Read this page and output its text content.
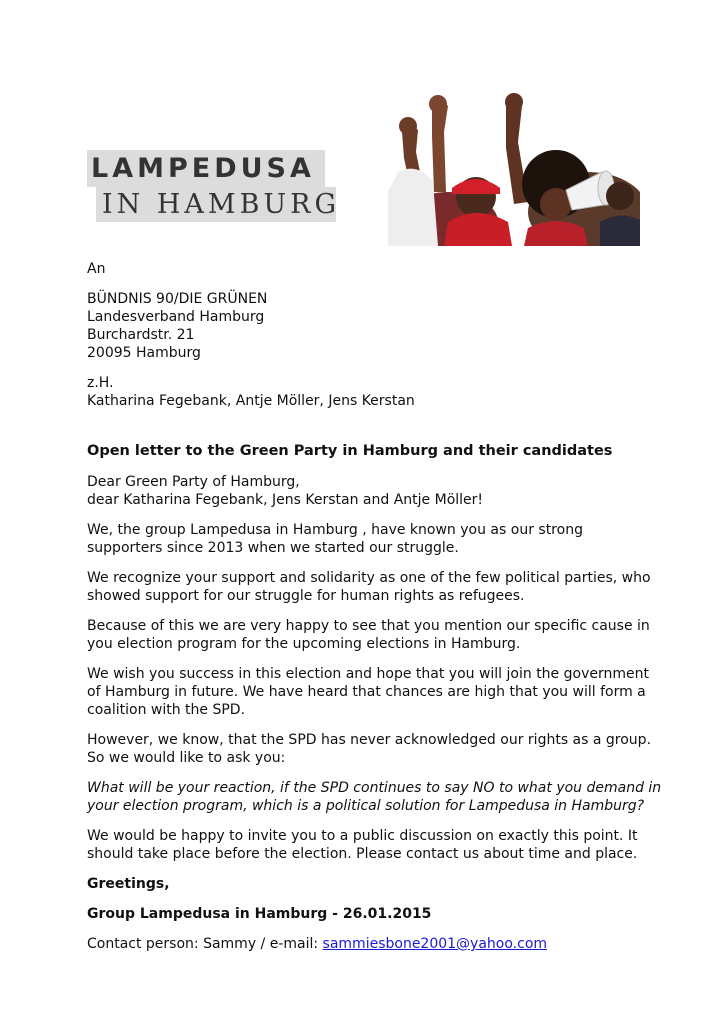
LAMPEDUSA
IN HAMBURG
An
BÜNDNIS 90/DIE GRÜNEN
Landesverband Hamburg
Burchardstr. 21
20095 Hamburg
z.H.
Katharina Fegebank, Antje Möller, Jens Kerstan
Open letter to the Green Party in Hamburg and their candidates
Dear Green Party of Hamburg,
dear Katharina Fegebank, Jens Kerstan and Antje Möller!
We, the group Lampedusa in Hamburg , have known you as our strong
supporters since 2013 when we started our struggle.
We recognize your support and solidarity as one of the few political parties, who
showed support for our struggle for human rights as refugees.
Because of this we are very happy to see that you mention our specific cause in
you election program for the upcoming elections in Hamburg.
We wish you success in this election and hope that you will join the government
of Hamburg in future. We have heard that chances are high that you will form a
coalition with the SPD.
However, we know, that the SPD has never acknowledged our rights as a group.
So we would like to ask you:
What will be your reaction, if the SPD continues to say NO to what you demand in
your election program, which is a political solution for Lampedusa in Hamburg?
We would be happy to invite you to a public discussion on exactly this point. It
should take place before the election. Please contact us about time and place.
Greetings,
Group Lampedusa in Hamburg - 26.01.2015
Contact person: Sammy / e-mail: sammiesbone2001@yahoo.com
